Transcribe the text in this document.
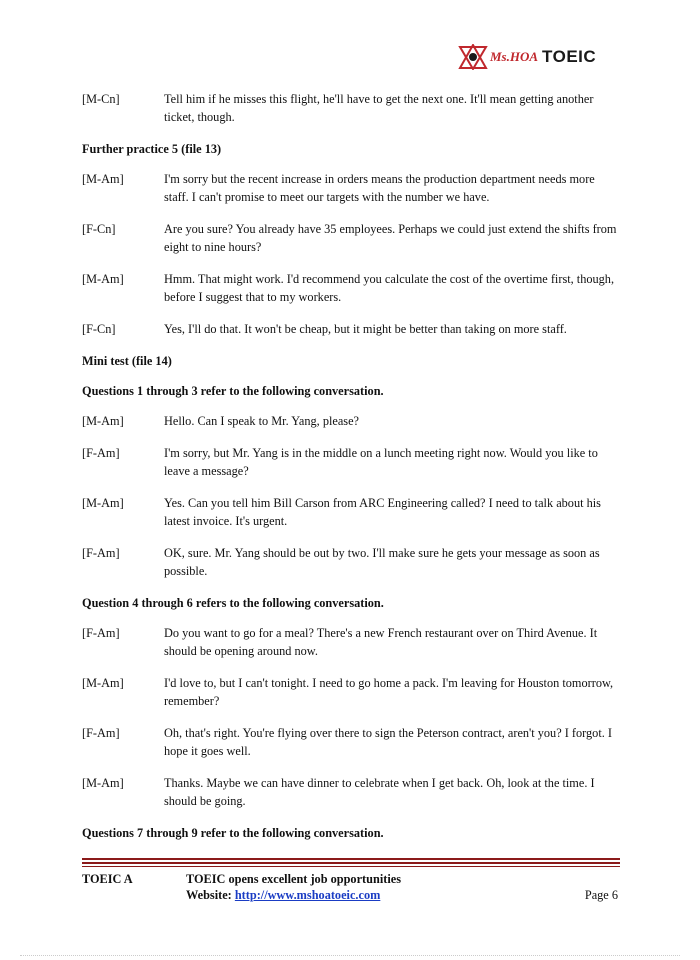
Ms.HOA TOEIC
[M-Cn]	Tell him if he misses this flight, he'll have to get the next one. It'll mean getting another ticket, though.
Further practice 5 (file 13)
[M-Am]	I'm sorry but the recent increase in orders means the production department needs more staff. I can't promise to meet our targets with the number we have.
[F-Cn]	Are you sure? You already have 35 employees. Perhaps we could just extend the shifts from eight to nine hours?
[M-Am]	Hmm. That might work. I'd recommend you calculate the cost of the overtime first, though, before I suggest that to my workers.
[F-Cn]	Yes, I'll do that. It won't be cheap, but it might be better than taking on more staff.
Mini test (file 14)
Questions 1 through 3 refer to the following conversation.
[M-Am]	Hello. Can I speak to Mr. Yang, please?
[F-Am]	I'm sorry, but Mr. Yang is in the middle on a lunch meeting right now. Would you like to leave a message?
[M-Am]	Yes. Can you tell him Bill Carson from ARC Engineering called? I need to talk about his latest invoice. It's urgent.
[F-Am]	OK, sure. Mr. Yang should be out by two. I'll make sure he gets your message as soon as possible.
Question 4 through 6 refers to the following conversation.
[F-Am]	Do you want to go for a meal? There's a new French restaurant over on Third Avenue. It should be opening around now.
[M-Am]	I'd love to, but I can't tonight. I need to go home a pack. I'm leaving for Houston tomorrow, remember?
[F-Am]	Oh, that's right. You're flying over there to sign the Peterson contract, aren't you? I forgot. I hope it goes well.
[M-Am]	Thanks. Maybe we can have dinner to celebrate when I get back. Oh, look at the time. I should be going.
Questions 7 through 9 refer to the following conversation.
TOEIC A	TOEIC opens excellent job opportunities
Website: http://www.mshoatoeic.com	Page 6
